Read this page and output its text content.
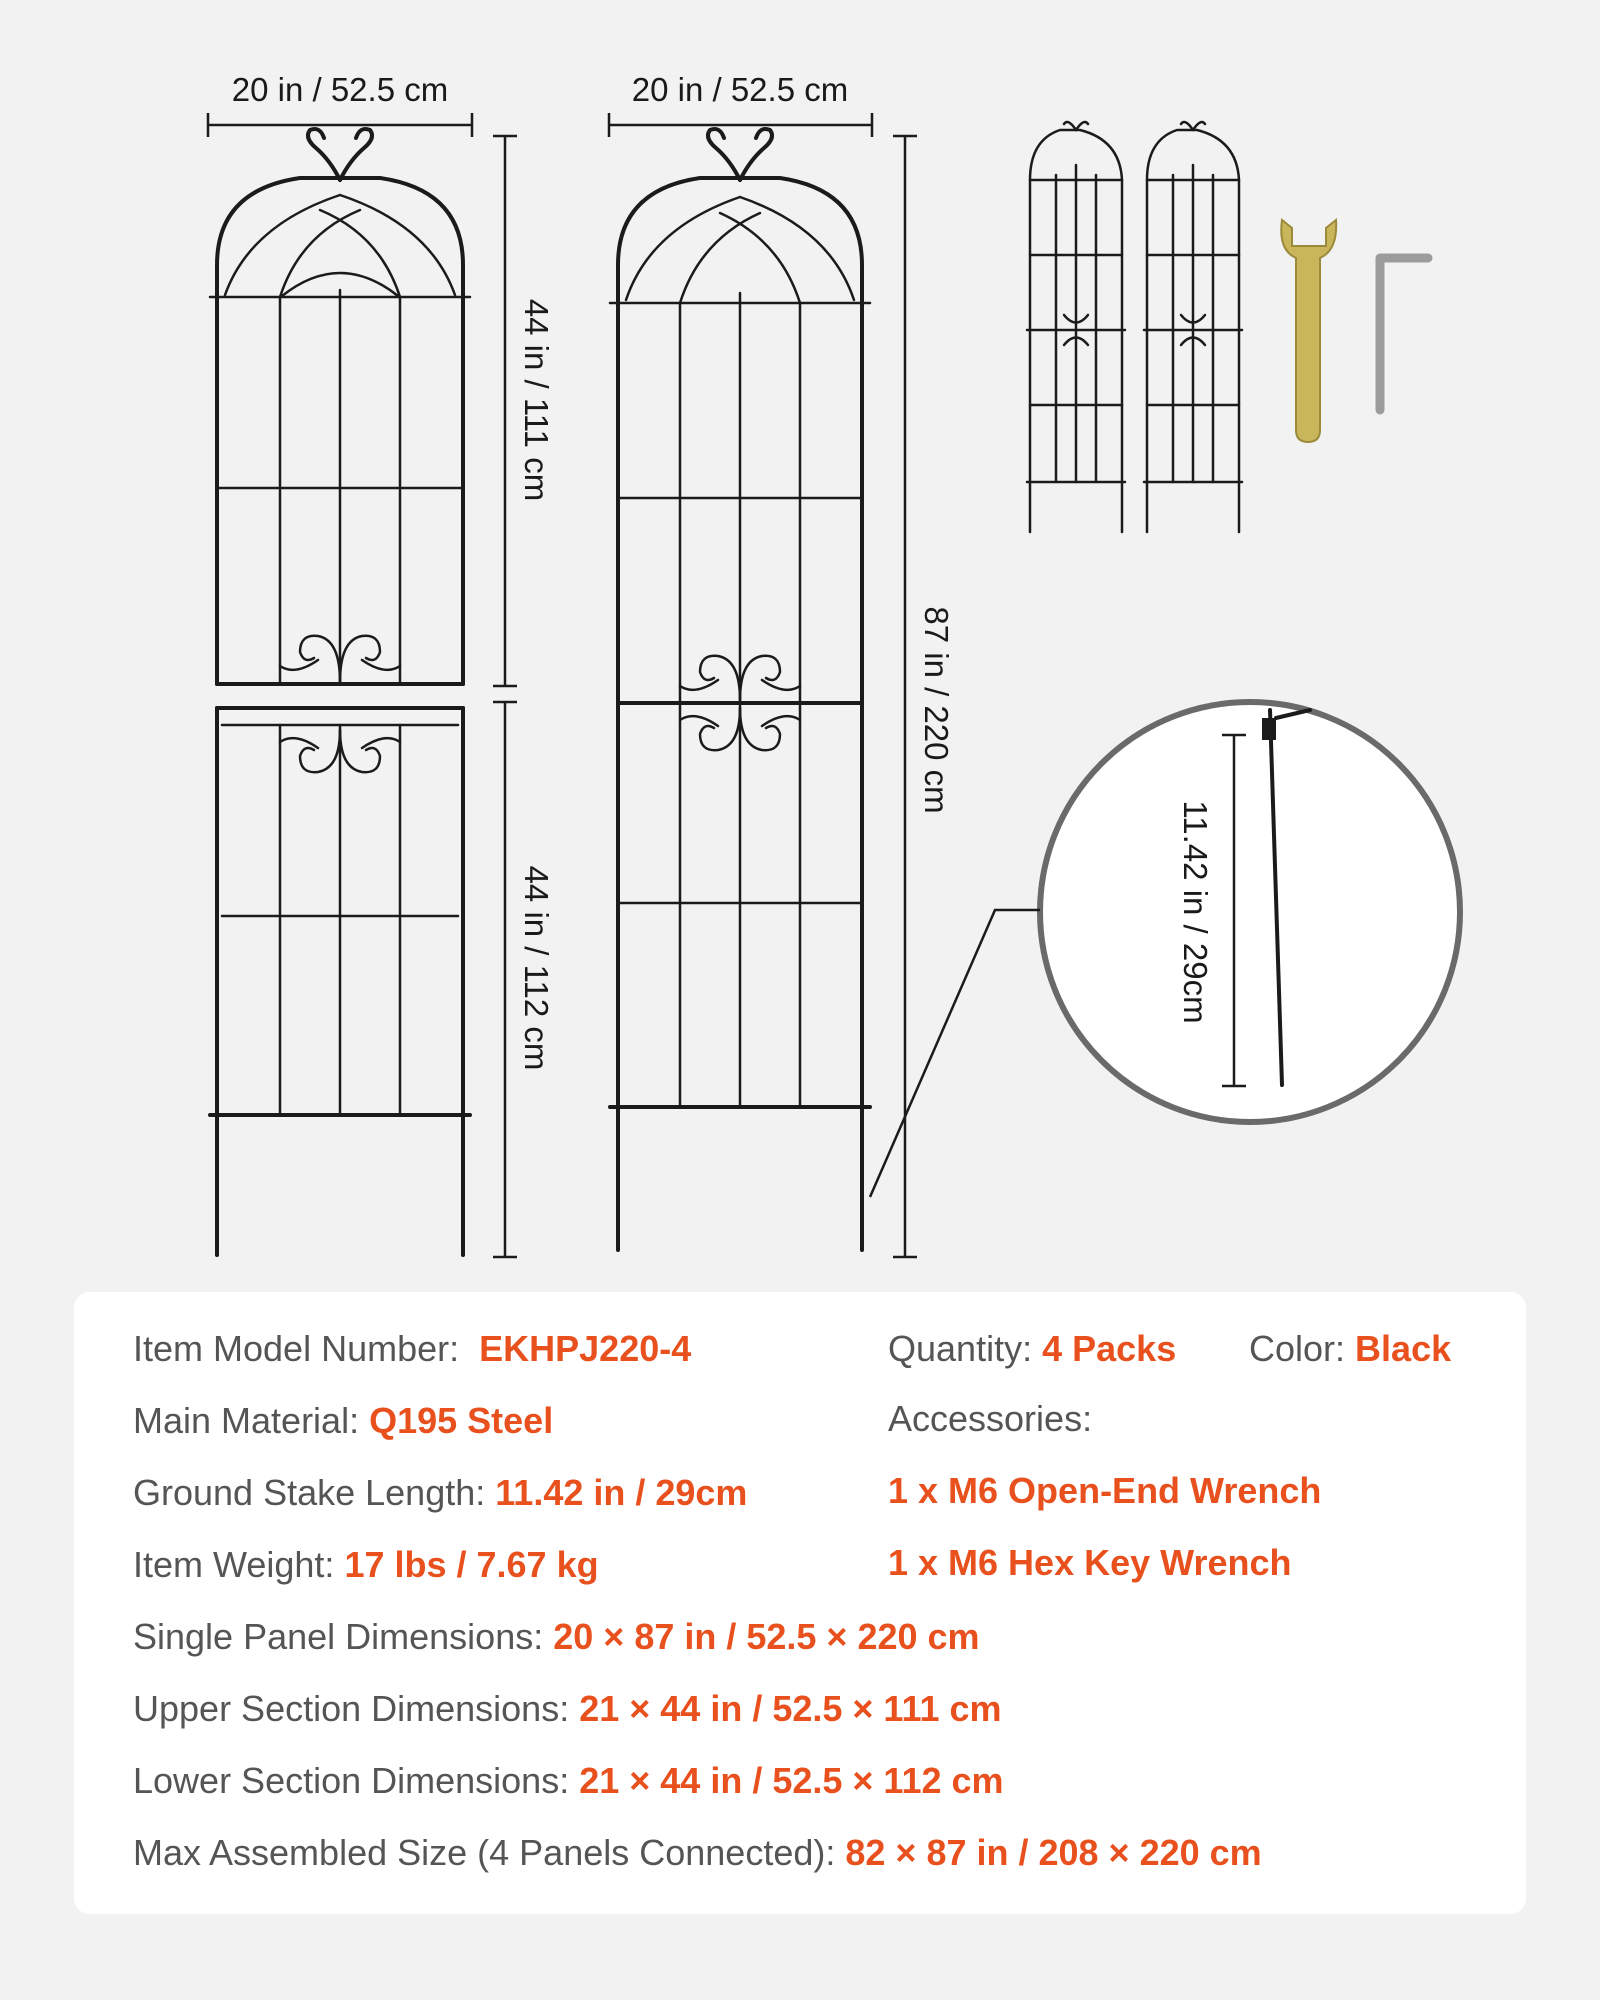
20 in / 52.5 cm
44 in / 111 cm
44 in / 112 cm
20 in / 52.5 cm
87 in / 220 cm
11.42 in / 29cm
Item Model Number: EKHPJ220-4	Quantity: 4 Packs Color: Black
Main Material: Q195 Steel	Accessories:
Ground Stake Length: 11.42 in / 29cm	1 x M6 Open-End Wrench
Item Weight: 17 lbs / 7.67 kg	1 x M6 Hex Key Wrench
Single Panel Dimensions: 20 × 87 in / 52.5 × 220 cm
Upper Section Dimensions: 21 × 44 in / 52.5 × 111 cm
Lower Section Dimensions: 21 × 44 in / 52.5 × 112 cm
Max Assembled Size (4 Panels Connected): 82 × 87 in / 208 × 220 cm
